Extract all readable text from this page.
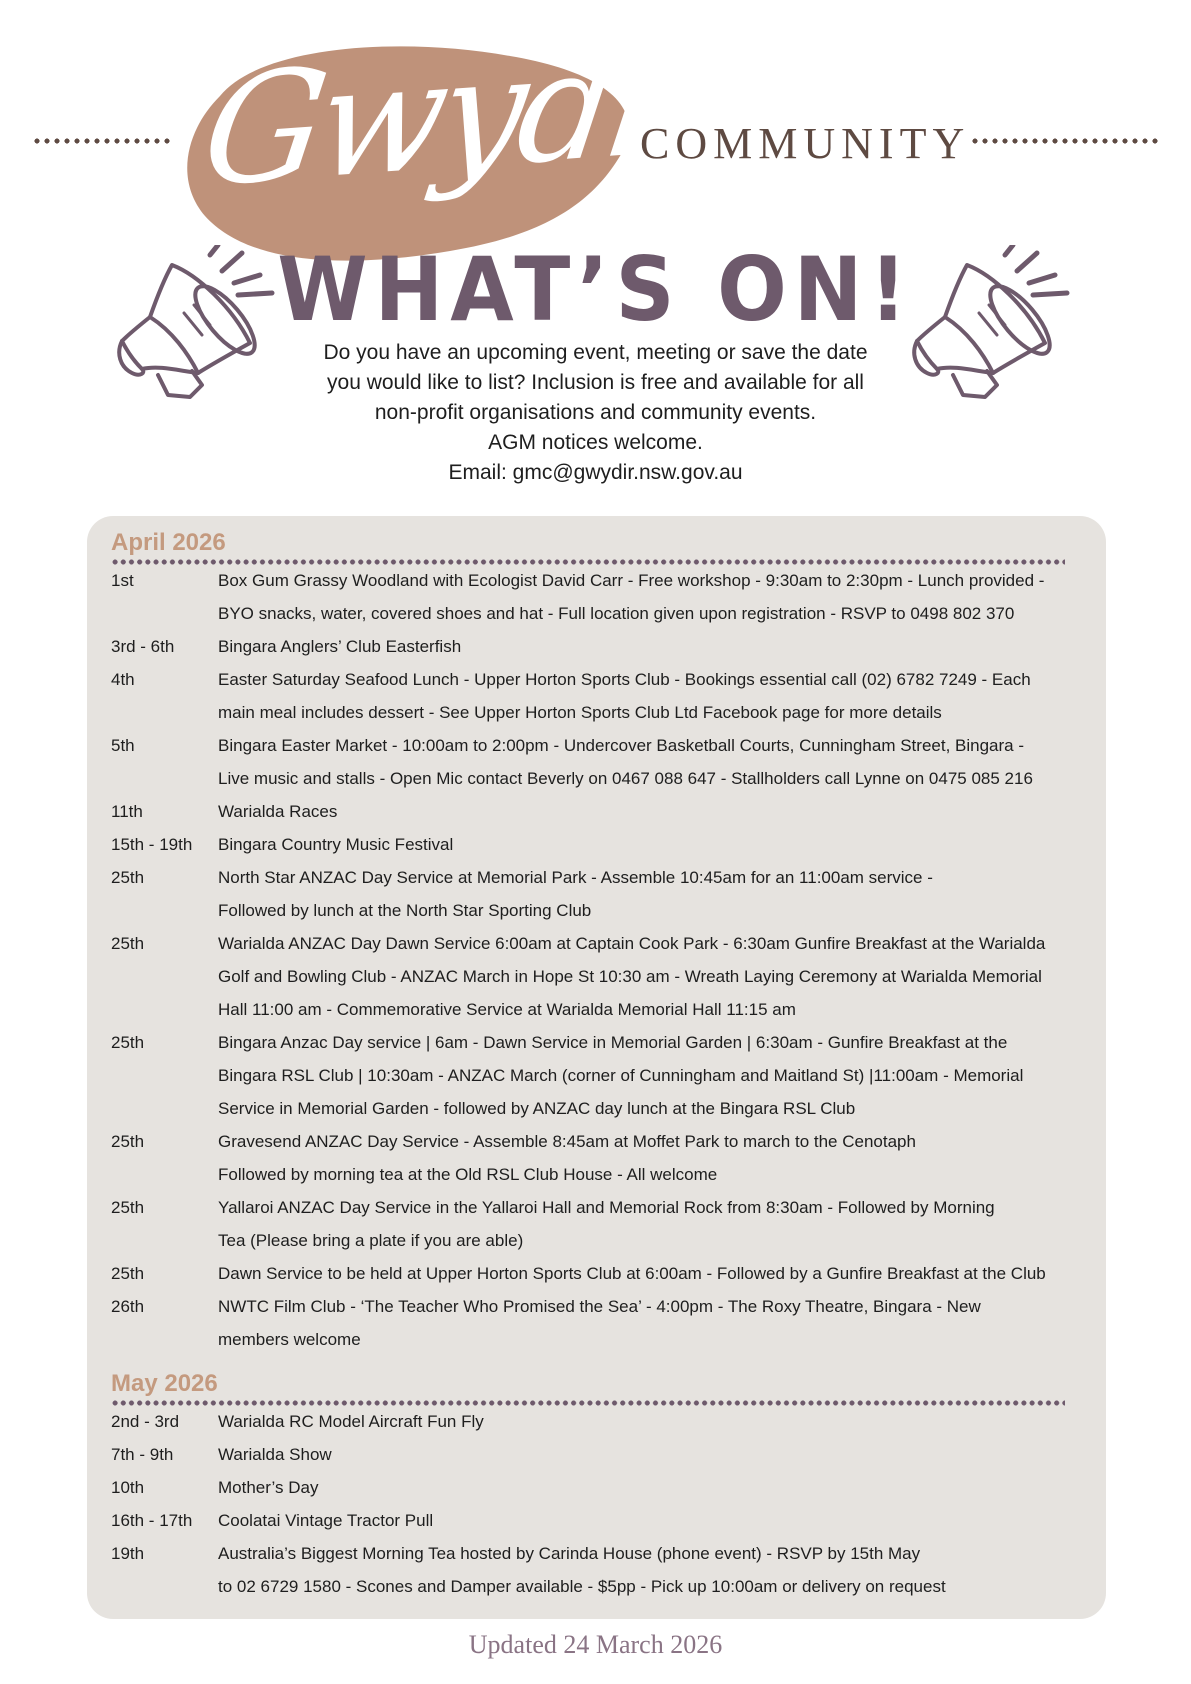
Gwydir
COMMUNITY
WHAT’S ON!
Do you have an upcoming event, meeting or save the date
you would like to list? Inclusion is free and available for all
non-profit organisations and community events.
AGM notices welcome.
Email: gmc@gwydir.nsw.gov.au
April 2026
1st	Box Gum Grassy Woodland with Ecologist David Carr - Free workshop - 9:30am to 2:30pm - Lunch provided -
BYO snacks, water, covered shoes and hat - Full location given upon registration - RSVP to 0498 802 370
3rd - 6th	Bingara Anglers’ Club Easterfish
4th	Easter Saturday Seafood Lunch - Upper Horton Sports Club - Bookings essential call (02) 6782 7249 - Each
main meal includes dessert - See Upper Horton Sports Club Ltd Facebook page for more details
5th	Bingara Easter Market - 10:00am to 2:00pm - Undercover Basketball Courts, Cunningham Street, Bingara -
Live music and stalls - Open Mic contact Beverly on 0467 088 647 - Stallholders call Lynne on 0475 085 216
11th	Warialda Races
15th - 19th	Bingara Country Music Festival
25th	North Star ANZAC Day Service at Memorial Park - Assemble 10:45am for an 11:00am service -
Followed by lunch at the North Star Sporting Club
25th	Warialda ANZAC Day Dawn Service 6:00am at Captain Cook Park - 6:30am Gunfire Breakfast at the Warialda
Golf and Bowling Club - ANZAC March in Hope St 10:30 am - Wreath Laying Ceremony at Warialda Memorial
Hall 11:00 am - Commemorative Service at Warialda Memorial Hall 11:15 am
25th	Bingara Anzac Day service | 6am - Dawn Service in Memorial Garden | 6:30am - Gunfire Breakfast at the
Bingara RSL Club | 10:30am - ANZAC March (corner of Cunningham and Maitland St) |11:00am - Memorial
Service in Memorial Garden - followed by ANZAC day lunch at the Bingara RSL Club
25th	Gravesend ANZAC Day Service - Assemble 8:45am at Moffet Park to march to the Cenotaph
Followed by morning tea at the Old RSL Club House - All welcome
25th	Yallaroi ANZAC Day Service in the Yallaroi Hall and Memorial Rock from 8:30am - Followed by Morning
Tea (Please bring a plate if you are able)
25th	Dawn Service to be held at Upper Horton Sports Club at 6:00am - Followed by a Gunfire Breakfast at the Club
26th	NWTC Film Club - ‘The Teacher Who Promised the Sea’ - 4:00pm - The Roxy Theatre, Bingara - New
members welcome
May 2026
2nd - 3rd	Warialda RC Model Aircraft Fun Fly
7th - 9th	Warialda Show
10th	Mother’s Day
16th - 17th	Coolatai Vintage Tractor Pull
19th	Australia’s Biggest Morning Tea hosted by Carinda House (phone event) - RSVP by 15th May
to 02 6729 1580 - Scones and Damper available - $5pp - Pick up 10:00am or delivery on request
Updated 24 March 2026
